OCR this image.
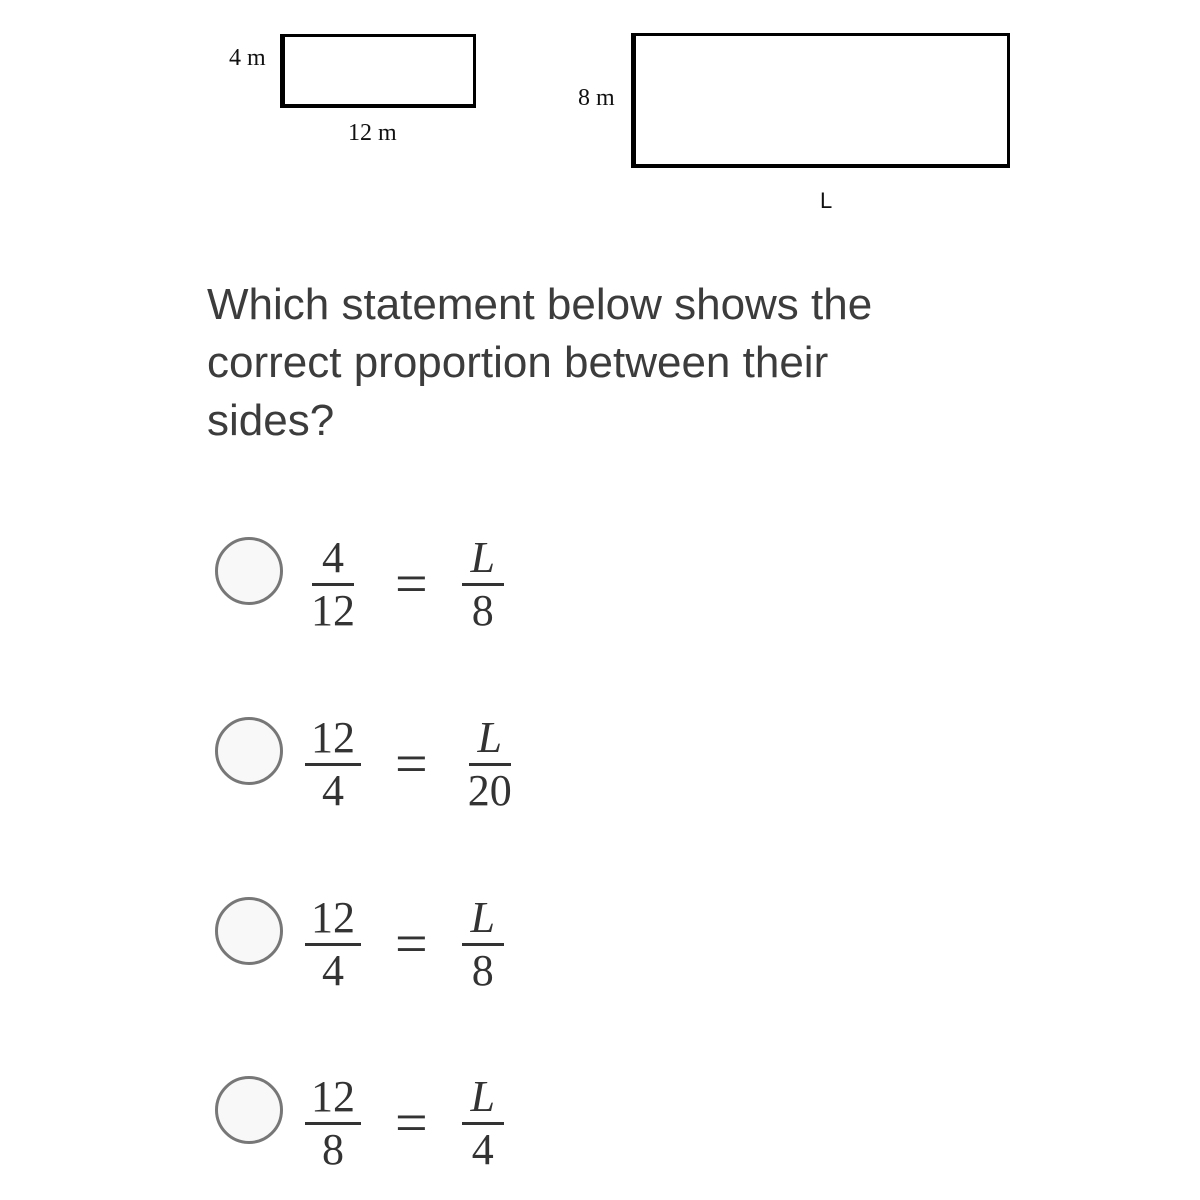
4 m
12 m
8 m
L
Which statement below shows the correct proportion between their sides?
$\frac{4}{12} = \frac{L}{8}$
$\frac{12}{4} = \frac{L}{20}$
$\frac{12}{4} = \frac{L}{8}$
$\frac{12}{8} = \frac{L}{4}$
